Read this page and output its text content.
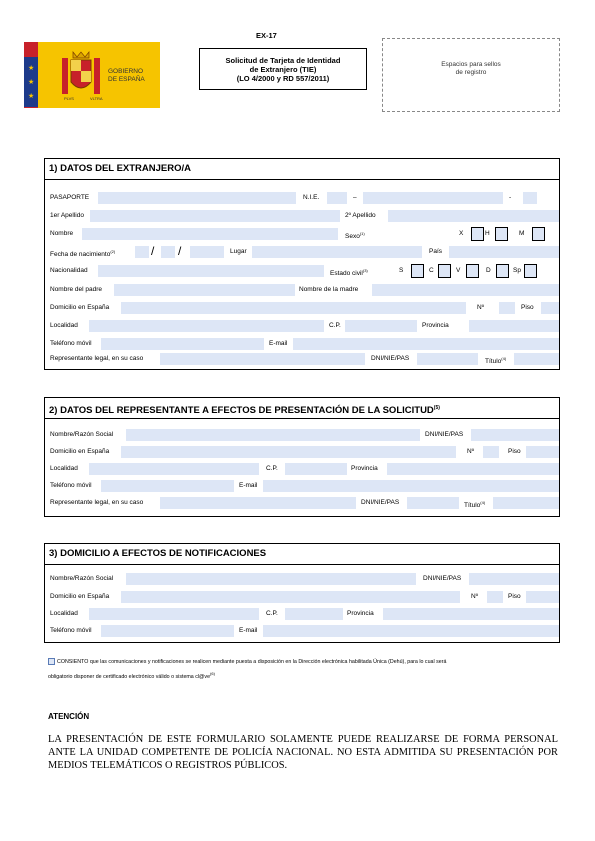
PLVS	VLTRA
GOBIERNO
DE ESPAÑA
★
★
★
EX-17
Solicitud de Tarjeta de Identidad
de Extranjero (TIE)
(LO 4/2000 y RD 557/2011)
Espacios para sellos
de registro
1) DATOS DEL EXTRANJERO/A
PASAPORTE	N.I.E.	–	-
1er Apellido	2º Apellido
Nombre	Sexo$^{(1)}$	X	H	M
Fecha de nacimiento$^{(2)}$	/ /	Lugar	País
Nacionalidad	Estado civil$^{(3)}$	S	C	V	D	Sp
Nombre del padre	Nombre de la madre
Domicilio en España	Nº	Piso
Localidad	C.P.	Provincia
Teléfono móvil	E-mail
Representante legal, en su caso	DNI/NIE/PAS	Título$^{(4)}$
2) DATOS DEL REPRESENTANTE A EFECTOS DE PRESENTACIÓN DE LA SOLICITUD$^{(5)}$
Nombre/Razón Social	DNI/NIE/PAS
Domicilio en España	Nº	Piso
Localidad	C.P.	Provincia
Teléfono móvil	E-mail
Representante legal, en su caso	DNI/NIE/PAS	Título$^{(4)}$
3) DOMICILIO A EFECTOS DE NOTIFICACIONES
Nombre/Razón Social	DNI/NIE/PAS
Domicilio en España	Nº	Piso
Localidad	C.P.	Provincia
Teléfono móvil	E-mail
CONSIENTO que las comunicaciones y notificaciones se realicen mediante puesta a disposición en la Dirección electrónica habilitada Única (Dehú), para lo cual será
obligatorio disponer de certificado electrónico válido o sistema $cl@ve^{(6)}$
ATENCIÓN
LA PRESENTACIÓN DE ESTE FORMULARIO SOLAMENTE PUEDE REALIZARSE DE FORMA PERSONAL ANTE LA UNIDAD COMPETENTE DE POLICÍA NACIONAL. NO ESTA ADMITIDA SU PRESENTACIÓN POR MEDIOS TELEMÁTICOS O REGISTROS PÚBLICOS.
